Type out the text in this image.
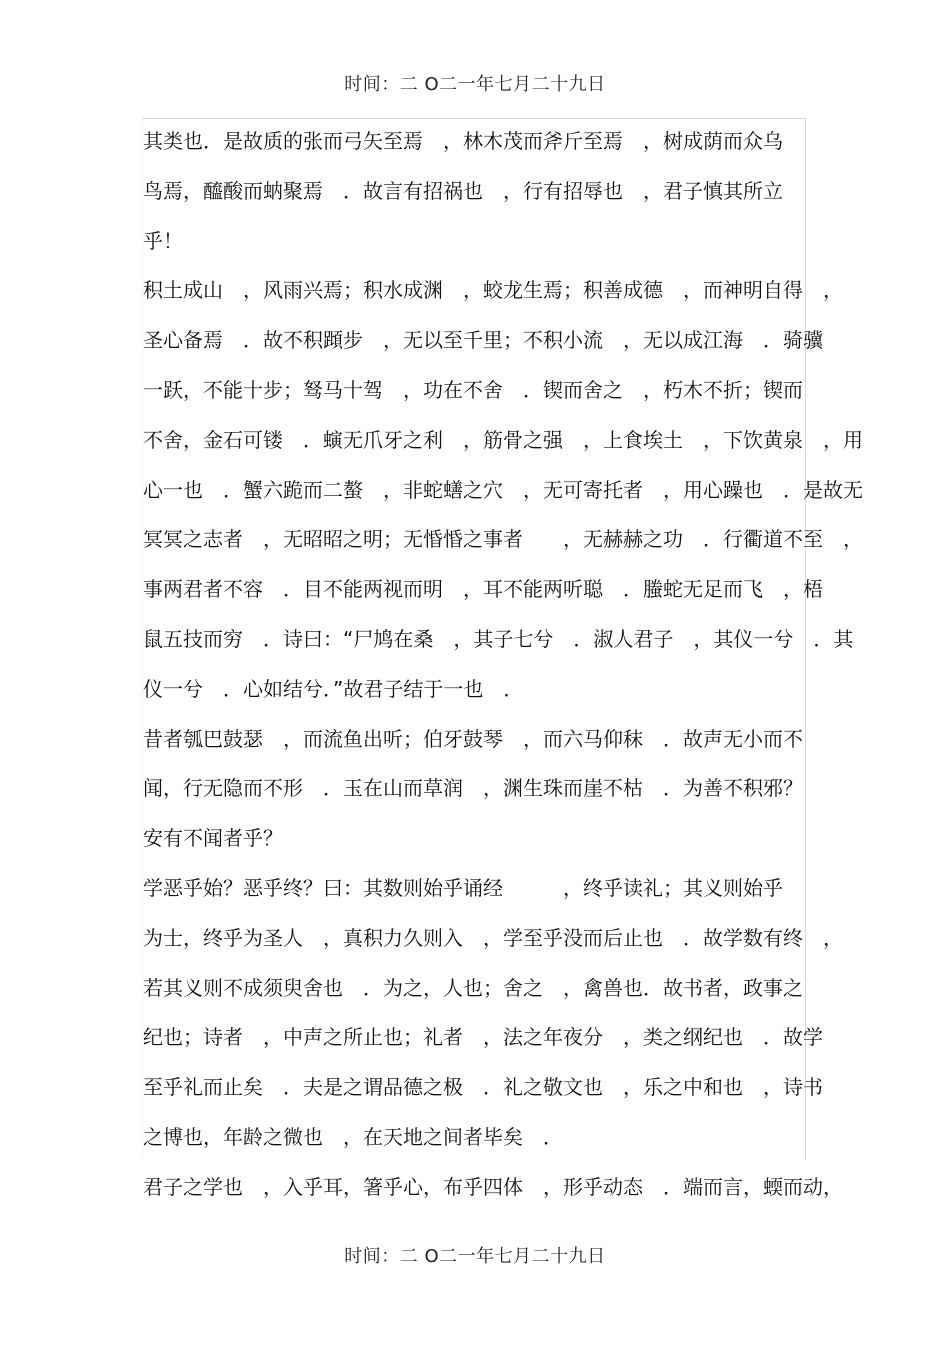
时间：二 O二一年七月二十九日
其类也．是故质的张而弓矢至焉　，林木茂而斧斤至焉　，树成荫而众乌
鸟焉，醯酸而蚋聚焉　．故言有招祸也　，行有招辱也　，君子慎其所立
乎！
积土成山　，风雨兴焉；积水成渊　，蛟龙生焉；积善成德　，而神明自得　，
圣心备焉　．故不积蹞步　，无以至千里；不积小流　，无以成江海　．骑骥
一跃，不能十步；驽马十驾　，功在不舍　．锲而舍之　，朽木不折；锲而
不舍，金石可镂　．螾无爪牙之利　，筋骨之强　，上食埃土　，下饮黄泉　，用
心一也　．蟹六跪而二螯　，非蛇蟮之穴　，无可寄托者　，用心躁也　．是故无
冥冥之志者　，无昭昭之明；无惛惛之事者　　，无赫赫之功　．行衢道不至　，
事两君者不容　．目不能两视而明　，耳不能两听聪　．螣蛇无足而飞　，梧
鼠五技而穷　．诗曰：“尸鸠在桑　，其子七兮　．淑人君子　，其仪一兮　．其
仪一兮　．心如结兮．”故君子结于一也　．
昔者瓠巴鼓瑟　，而流鱼出听；伯牙鼓琴　，而六马仰秣　．故声无小而不
闻，行无隐而不形　．玉在山而草润　，渊生珠而崖不枯　．为善不积邪？
安有不闻者乎？
学恶乎始？恶乎终？曰：其数则始乎诵经　　　，终乎读礼；其义则始乎
为士，终乎为圣人　，真积力久则入　，学至乎没而后止也　．故学数有终　，
若其义则不成须臾舍也　．为之，人也；舍之　，禽兽也．故书者，政事之
纪也；诗者　，中声之所止也；礼者　，法之年夜分　，类之纲纪也　．故学
至乎礼而止矣　．夫是之谓品德之极　．礼之敬文也　，乐之中和也　，诗书
之博也，年龄之微也　，在天地之间者毕矣　．
君子之学也　，入乎耳，箸乎心，布乎四体　，形乎动态　．端而言，蝡而动，
时间：二 O二一年七月二十九日
